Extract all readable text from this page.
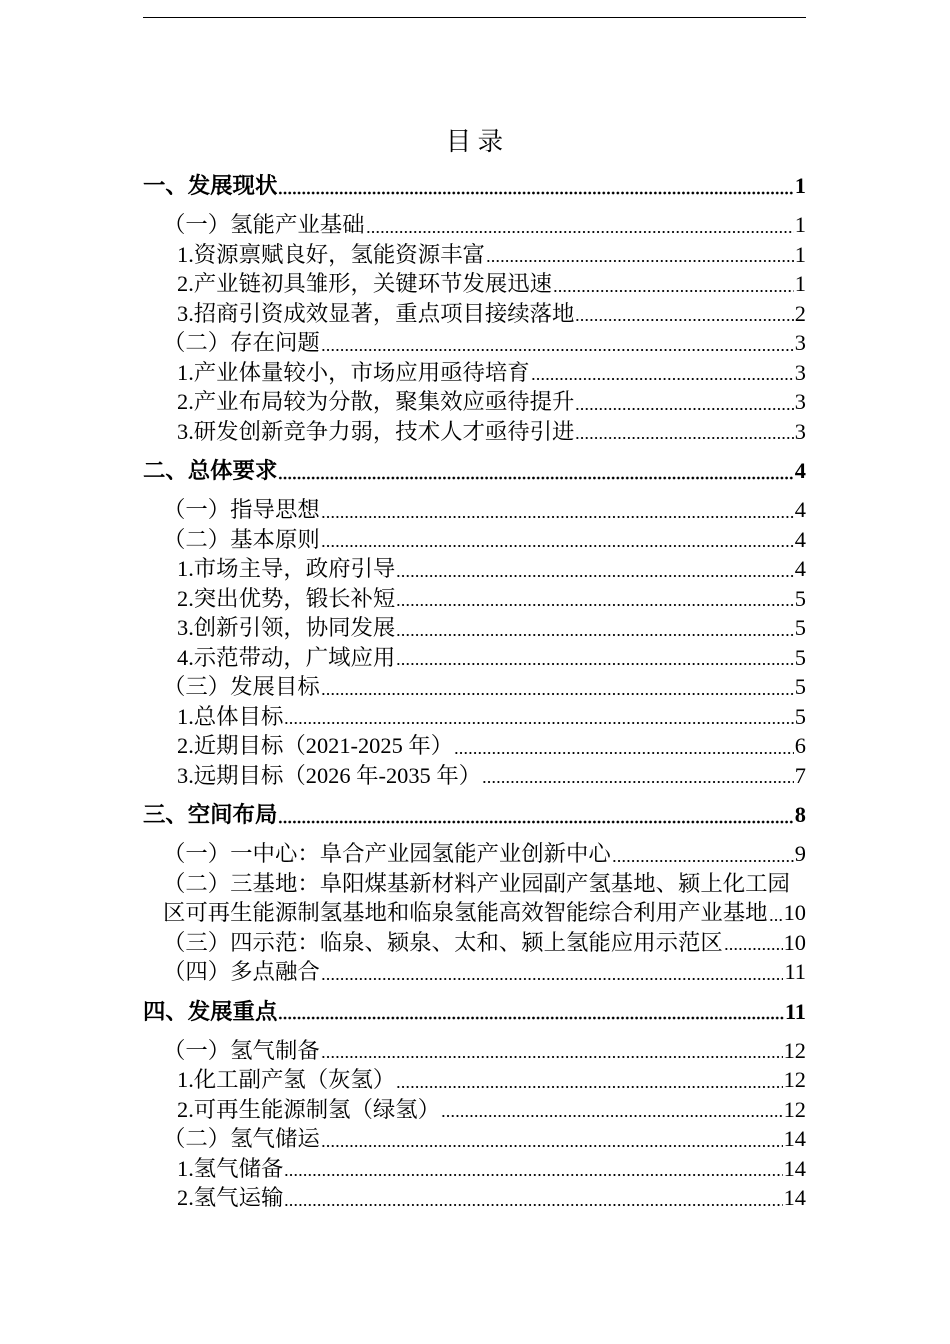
目 录
一、发展现状	1
（一）氢能产业基础	1
1.资源禀赋良好，氢能资源丰富	1
2.产业链初具雏形，关键环节发展迅速	1
3.招商引资成效显著，重点项目接续落地	2
（二）存在问题	3
1.产业体量较小，市场应用亟待培育	3
2.产业布局较为分散，聚集效应亟待提升	3
3.研发创新竞争力弱，技术人才亟待引进	3
二、总体要求	4
（一）指导思想	4
（二）基本原则	4
1.市场主导，政府引导	4
2.突出优势，锻长补短	5
3.创新引领，协同发展	5
4.示范带动，广域应用	5
（三）发展目标	5
1.总体目标	5
2.近期目标（2021-2025 年）	6
3.远期目标（2026 年-2035 年）	7
三、空间布局	8
（一）一中心：阜合产业园氢能产业创新中心	9
（二）三基地：阜阳煤基新材料产业园副产氢基地、颍上化工园
区可再生能源制氢基地和临泉氢能高效智能综合利用产业基地 10
（三）四示范：临泉、颍泉、太和、颍上氢能应用示范区	10
（四）多点融合	11
四、发展重点	11
（一）氢气制备	12
1.化工副产氢（灰氢）	12
2.可再生能源制氢（绿氢）	12
（二）氢气储运	14
1.氢气储备	14
2.氢气运输	14
